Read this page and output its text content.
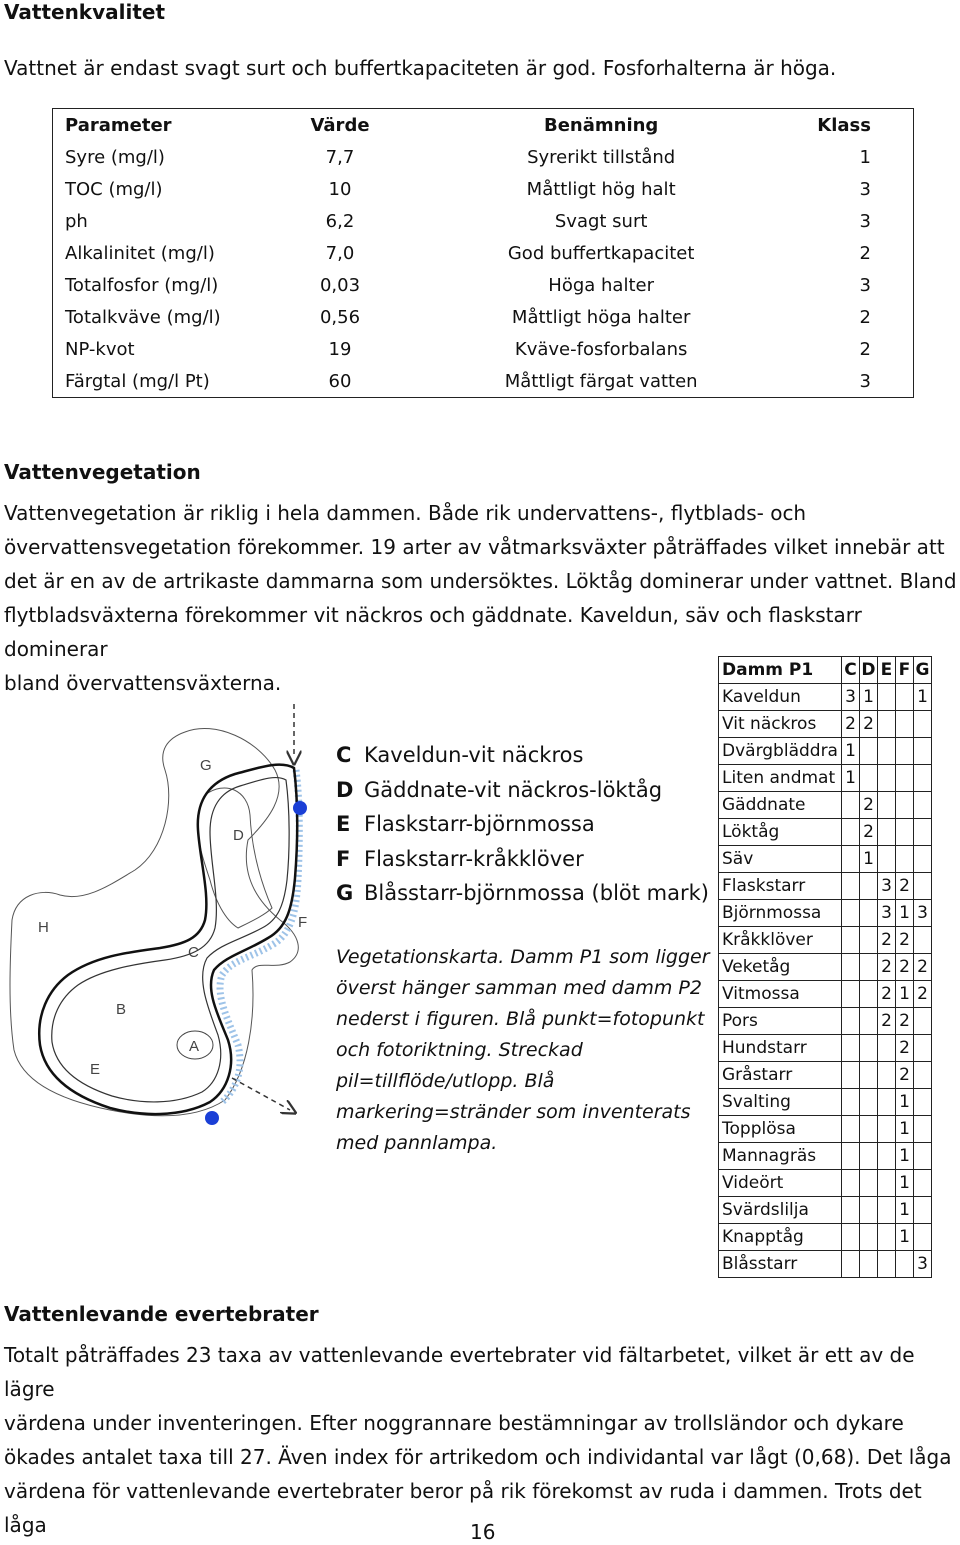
Vattenkvalitet
Vattnet är endast svagt surt och buffertkapaciteten är god. Fosforhalterna är höga.
Parameter	Värde	Benämning	Klass
Syre (mg/l)	7,7	Syrerikt tillstånd	1
TOC (mg/l)	10	Måttligt hög halt	3
ph	6,2	Svagt surt	3
Alkalinitet (mg/l)	7,0	God buffertkapacitet	2
Totalfosfor (mg/l)	0,03	Höga halter	3
Totalkväve (mg/l)	0,56	Måttligt höga halter	2
NP-kvot	19	Kväve-fosforbalans	2
Färgtal (mg/l Pt)	60	Måttligt färgat vatten	3
Vattenvegetation
Vattenvegetation är riklig i hela dammen. Både rik undervattens-, flytblads- och
övervattensvegetation förekommer. 19 arter av våtmarksväxter påträffades vilket innebär att
det är en av de artrikaste dammarna som undersöktes. Löktåg dominerar under vattnet. Bland
flytbladsväxterna förekommer vit näckros och gäddnate. Kaveldun, säv och flaskstarr dominerar
bland övervattensväxterna.
G
D
F
H
C
B
A
E
C Kaveldun-vit näckros
D Gäddnate-vit näckros-löktåg
E Flaskstarr-björnmossa
F Flaskstarr-kråkklöver
G Blåsstarr-björnmossa (blöt mark)
Vegetationskarta. Damm P1 som ligger
överst hänger samman med damm P2
nederst i figuren. Blå punkt=fotopunkt
och fotoriktning. Streckad
pil=tillflöde/utlopp. Blå
markering=stränder som inventerats
med pannlampa.
Damm P1	C	D	E	F	G
Kaveldun	3	1			1
Vit näckros	2	2			
Dvärgbläddra	1				
Liten andmat	1				
Gäddnate		2			
Löktåg		2			
Säv		1			
Flaskstarr			3	2	
Björnmossa			3	1	3
Kråkklöver			2	2	
Veketåg			2	2	2
Vitmossa			2	1	2
Pors			2	2	
Hundstarr				2	
Gråstarr				2	
Svalting				1	
Topplösa				1	
Mannagräs				1	
Videört				1	
Svärdslilja				1	
Knapptåg				1	
Blåsstarr					3
Vattenlevande evertebrater
Totalt påträffades 23 taxa av vattenlevande evertebrater vid fältarbetet, vilket är ett av de lägre
värdena under inventeringen. Efter noggrannare bestämningar av trollsländor och dykare
ökades antalet taxa till 27. Även index för artrikedom och individantal var lågt (0,68). Det låga
värdena för vattenlevande evertebrater beror på rik förekomst av ruda i dammen. Trots det låga	16
